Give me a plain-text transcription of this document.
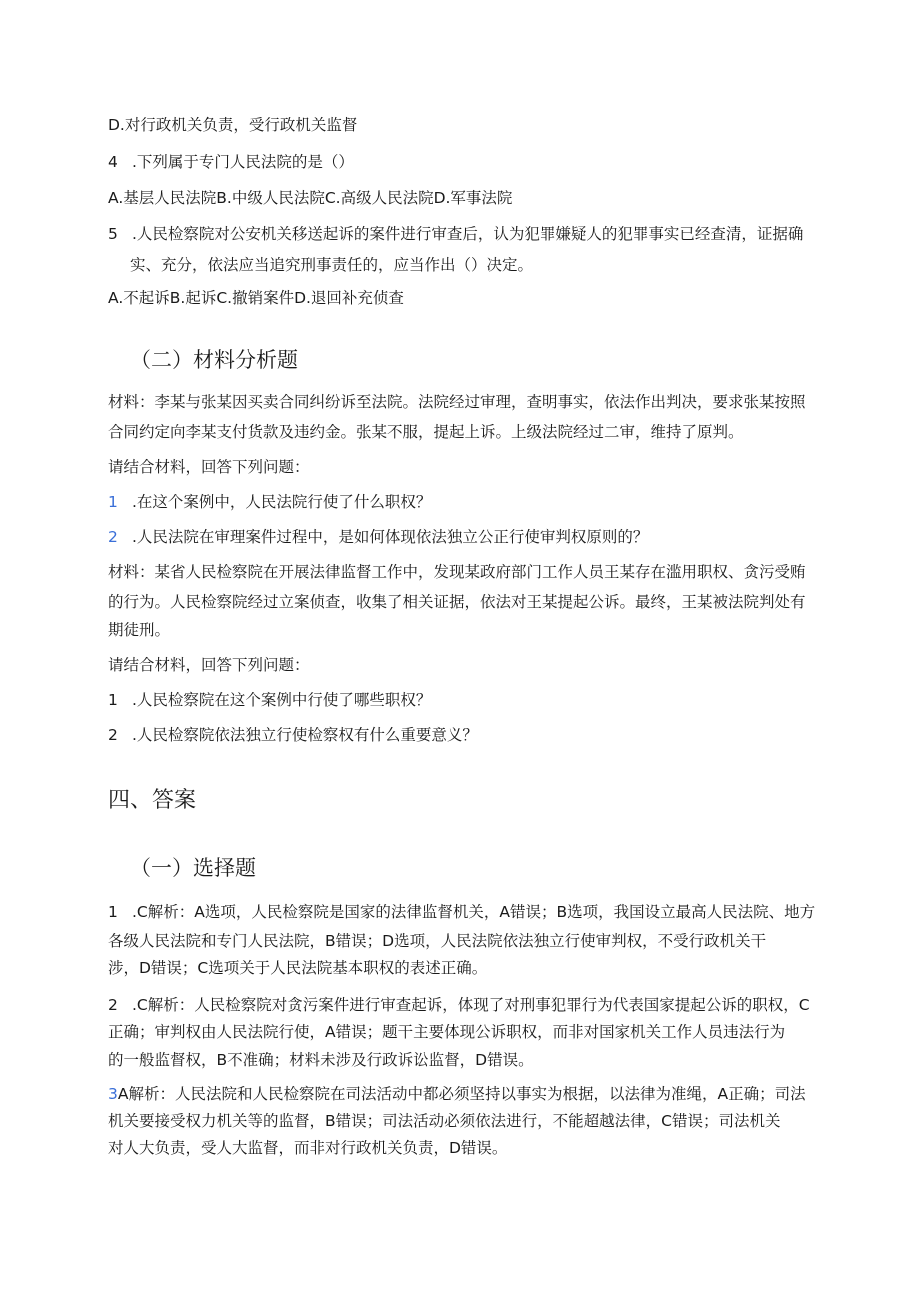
D.对行政机关负责，受行政机关监督
4 .下列属于专门人民法院的是（）
A.基层人民法院B.中级人民法院C.高级人民法院D.军事法院
5 .人民检察院对公安机关移送起诉的案件进行审查后，认为犯罪嫌疑人的犯罪事实已经查清，证据确
实、充分，依法应当追究刑事责任的，应当作出（）决定。
A.不起诉B.起诉C.撤销案件D.退回补充侦查
（二）材料分析题
材料：李某与张某因买卖合同纠纷诉至法院。法院经过审理，查明事实，依法作出判决，要求张某按照
合同约定向李某支付货款及违约金。张某不服，提起上诉。上级法院经过二审，维持了原判。
请结合材料，回答下列问题：
1 .在这个案例中，人民法院行使了什么职权？
2 .人民法院在审理案件过程中，是如何体现依法独立公正行使审判权原则的？
材料：某省人民检察院在开展法律监督工作中，发现某政府部门工作人员王某存在滥用职权、贪污受贿
的行为。人民检察院经过立案侦查，收集了相关证据，依法对王某提起公诉。最终，王某被法院判处有
期徒刑。
请结合材料，回答下列问题：
1 .人民检察院在这个案例中行使了哪些职权？
2 .人民检察院依法独立行使检察权有什么重要意义？
四、答案
（一）选择题
1 .C解析：A选项，人民检察院是国家的法律监督机关，A错误；B选项，我国设立最高人民法院、地方
各级人民法院和专门人民法院，B错误；D选项，人民法院依法独立行使审判权，不受行政机关干
涉，D错误；C选项关于人民法院基本职权的表述正确。
2 .C解析：人民检察院对贪污案件进行审查起诉，体现了对刑事犯罪行为代表国家提起公诉的职权，C
正确；审判权由人民法院行使，A错误；题干主要体现公诉职权，而非对国家机关工作人员违法行为
的一般监督权，B不准确；材料未涉及行政诉讼监督，D错误。
3A解析：人民法院和人民检察院在司法活动中都必须坚持以事实为根据，以法律为准绳，A正确；司法
机关要接受权力机关等的监督，B错误；司法活动必须依法进行，不能超越法律，C错误；司法机关
对人大负责，受人大监督，而非对行政机关负责，D错误。
